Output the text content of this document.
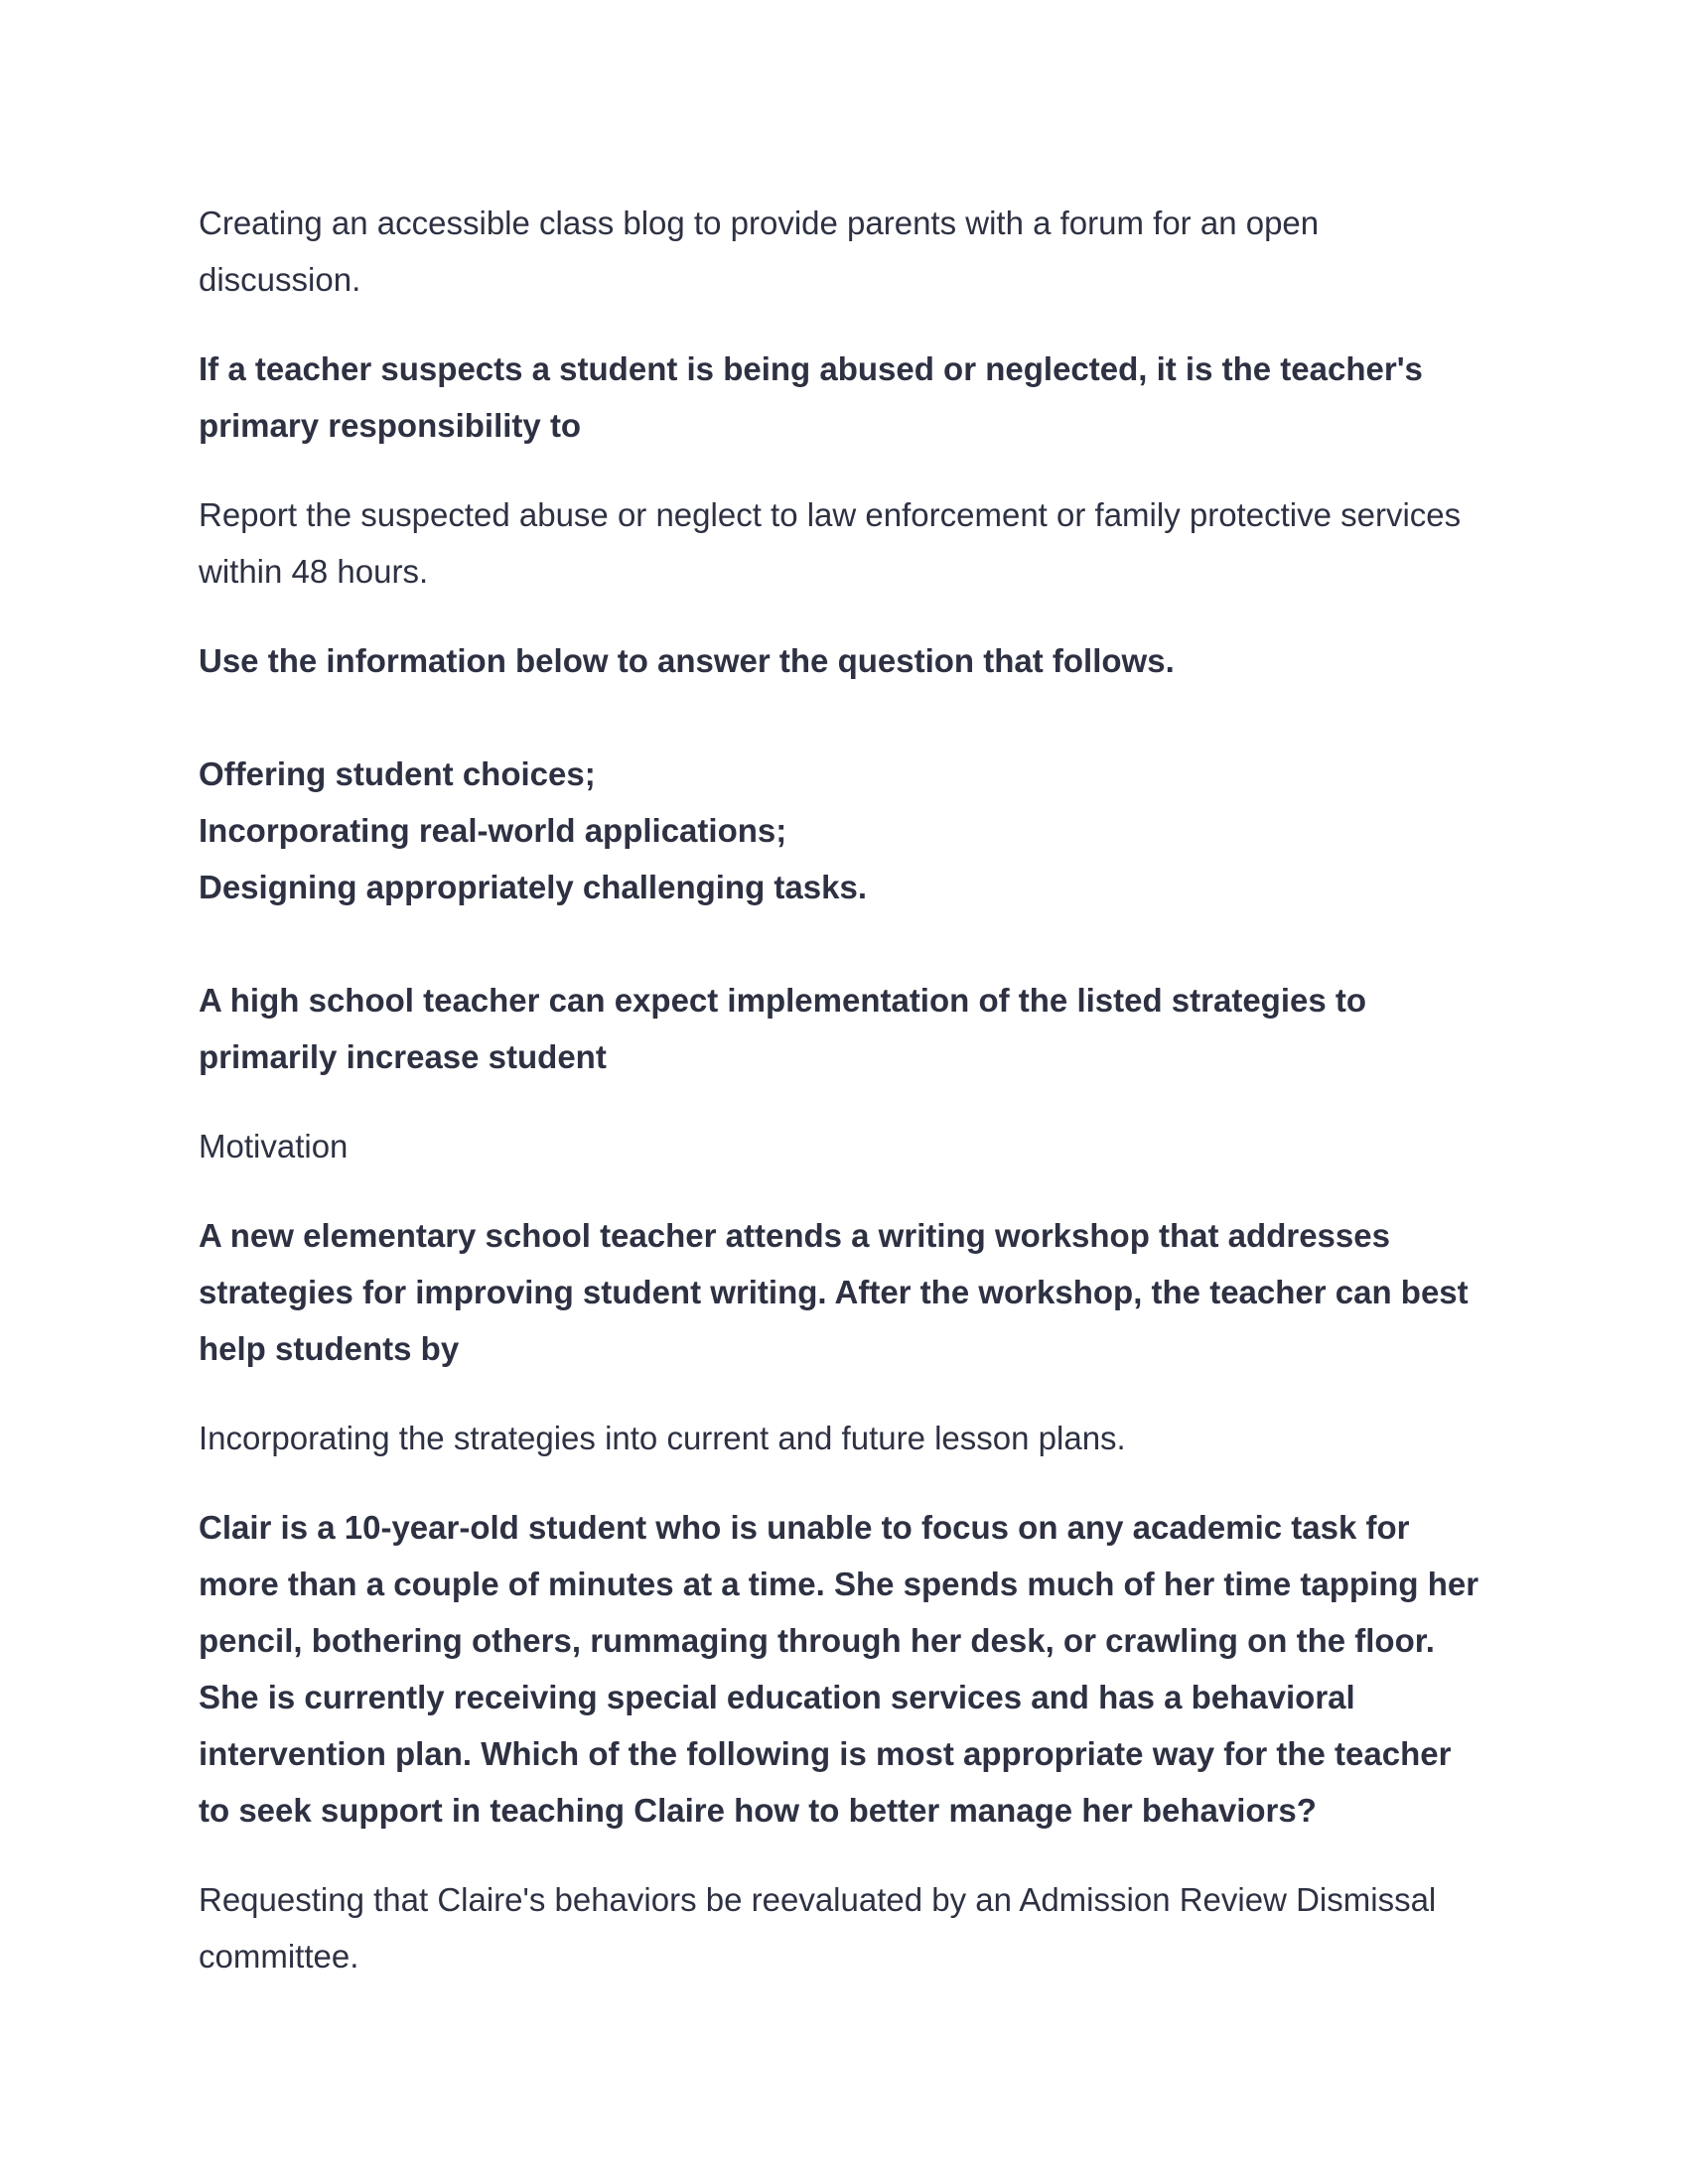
Creating an accessible class blog to provide parents with a forum for an open discussion.

If a teacher suspects a student is being abused or neglected, it is the teacher's primary responsibility to

Report the suspected abuse or neglect to law enforcement or family protective services within 48 hours.

Use the information below to answer the question that follows.
Offering student choices;
Incorporating real-world applications;
Designing appropriately challenging tasks.
A high school teacher can expect implementation of the listed strategies to primarily increase student

Motivation

A new elementary school teacher attends a writing workshop that addresses strategies for improving student writing. After the workshop, the teacher can best help students by

Incorporating the strategies into current and future lesson plans.

Clair is a 10-year-old student who is unable to focus on any academic task for more than a couple of minutes at a time. She spends much of her time tapping her pencil, bothering others, rummaging through her desk, or crawling on the floor. She is currently receiving special education services and has a behavioral intervention plan. Which of the following is most appropriate way for the teacher to seek support in teaching Claire how to better manage her behaviors?

Requesting that Claire's behaviors be reevaluated by an Admission Review Dismissal committee.
